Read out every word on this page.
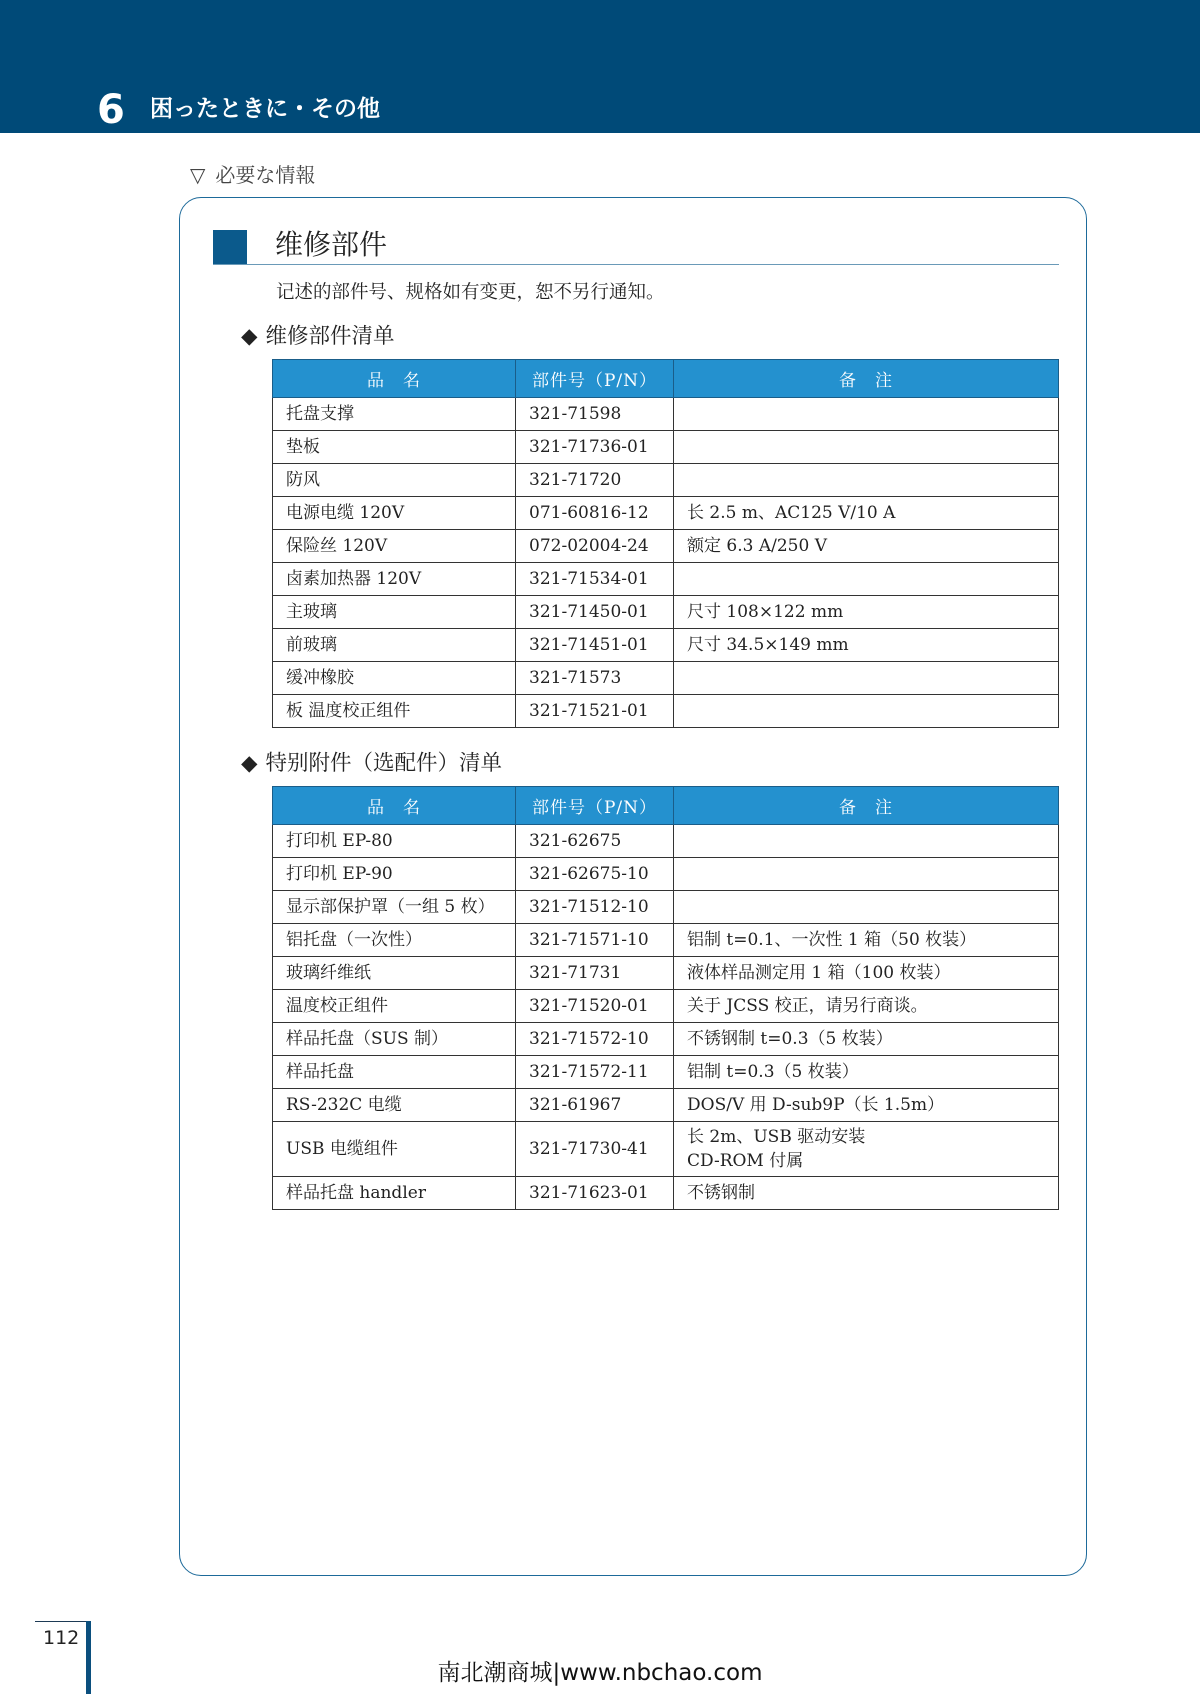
6 困ったときに・その他
▽ 必要な情報
维修部件
记述的部件号、规格如有变更，恕不另行通知。
◆ 维修部件清单
品　名	部件号（P/N）	备　注
托盘支撑	321-71598	
垫板	321-71736-01	
防风	321-71720	
电源电缆 120V	071-60816-12	长 2.5 m、AC125 V/10 A
保险丝 120V	072-02004-24	额定 6.3 A/250 V
卤素加热器 120V	321-71534-01	
主玻璃	321-71450-01	尺寸 108×122 mm
前玻璃	321-71451-01	尺寸 34.5×149 mm
缓冲橡胶	321-71573	
板 温度校正组件	321-71521-01	
◆ 特别附件（选配件）清单
品　名	部件号（P/N）	备　注
打印机 EP-80	321-62675	
打印机 EP-90	321-62675-10	
显示部保护罩（一组 5 枚）	321-71512-10	
铝托盘（一次性）	321-71571-10	铝制 t=0.1、一次性 1 箱（50 枚装）
玻璃纤维纸	321-71731	液体样品测定用 1 箱（100 枚装）
温度校正组件	321-71520-01	关于 JCSS 校正，请另行商谈。
样品托盘（SUS 制）	321-71572-10	不锈钢制 t=0.3（5 枚装）
样品托盘	321-71572-11	铝制 t=0.3（5 枚装）
RS-232C 电缆	321-61967	DOS/V 用 D-sub9P（长 1.5m）
USB 电缆组件	321-71730-41	长 2m、USB 驱动安装
CD-ROM 付属
样品托盘 handler	321-71623-01	不锈钢制
112
南北潮商城|www.nbchao.com
